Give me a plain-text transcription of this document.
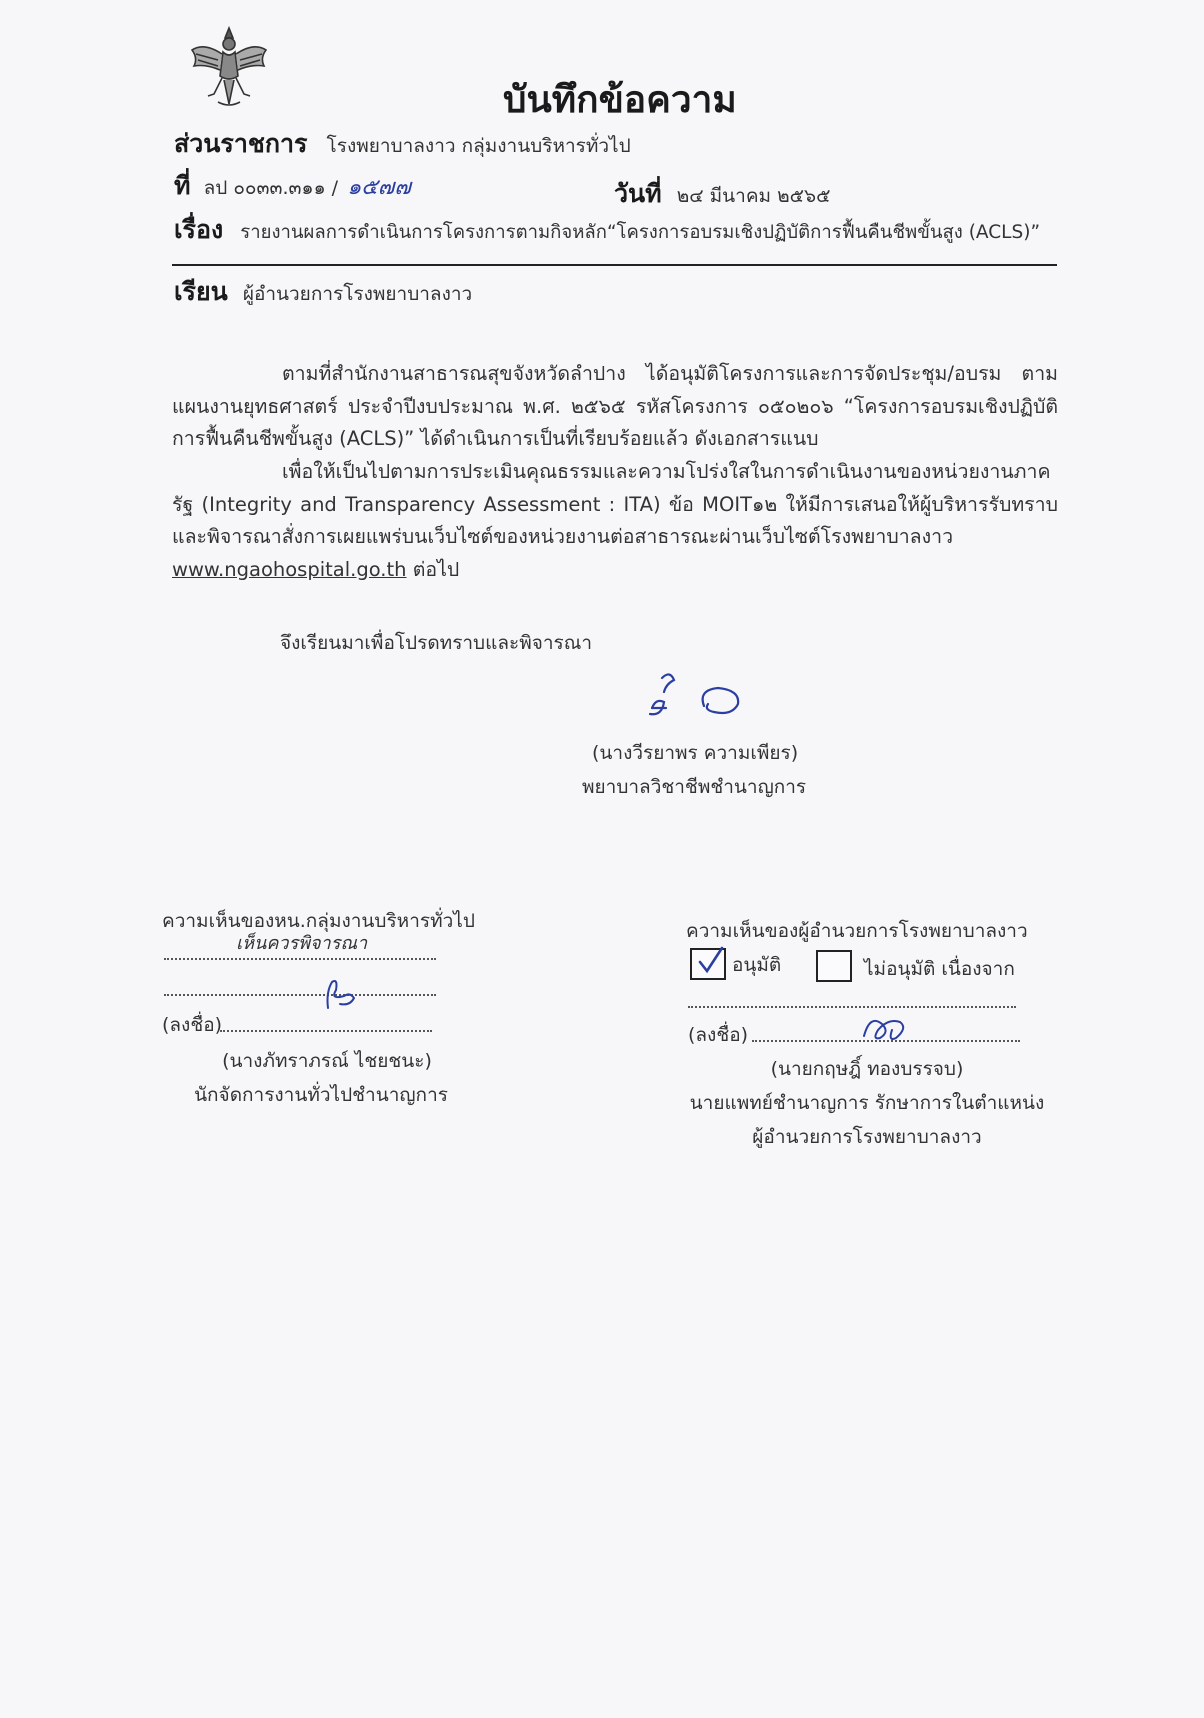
บันทึกข้อความ
ส่วนราชการ โรงพยาบาลงาว กลุ่มงานบริหารทั่วไป
ที่ ลป ๐๐๓๓.๓๑๑ / ๑๕๗๗	วันที่ ๒๔ มีนาคม ๒๕๖๕
เรื่อง รายงานผลการดำเนินการโครงการตามกิจหลัก“โครงการอบรมเชิงปฏิบัติการฟื้นคืนชีพขั้นสูง (ACLS)”
เรียน ผู้อำนวยการโรงพยาบาลงาว
ตามที่สำนักงานสาธารณสุขจังหวัดลำปาง ได้อนุมัติโครงการและการจัดประชุม/อบรม ตามแผนงานยุทธศาสตร์ ประจำปีงบประมาณ พ.ศ. ๒๕๖๕ รหัสโครงการ ๐๕๐๒๐๖ “โครงการอบรมเชิงปฏิบัติการฟื้นคืนชีพขั้นสูง (ACLS)” ได้ดำเนินการเป็นที่เรียบร้อยแล้ว ดังเอกสารแนบ
เพื่อให้เป็นไปตามการประเมินคุณธรรมและความโปร่งใสในการดำเนินงานของหน่วยงานภาครัฐ (Integrity and Transparency Assessment : ITA) ข้อ MOIT๑๒ ให้มีการเสนอให้ผู้บริหารรับทราบและพิจารณาสั่งการเผยแพร่บนเว็บไซต์ของหน่วยงานต่อสาธารณะผ่านเว็บไซต์โรงพยาบาลงาว www.ngaohospital.go.th ต่อไป
จึงเรียนมาเพื่อโปรดทราบและพิจารณา
(นางวีรยาพร ความเพียร)
พยาบาลวิชาชีพชำนาญการ
ความเห็นของหน.กลุ่มงานบริหารทั่วไป
เห็นควรพิจารณา
(ลงชื่อ)
(นางภัทราภรณ์ ไชยชนะ)
นักจัดการงานทั่วไปชำนาญการ
ความเห็นของผู้อำนวยการโรงพยาบาลงาว
อนุมัติ	ไม่อนุมัติ เนื่องจาก
(ลงชื่อ)
(นายกฤษฎิ์ ทองบรรจบ)
นายแพทย์ชำนาญการ รักษาการในตำแหน่ง
ผู้อำนวยการโรงพยาบาลงาว
